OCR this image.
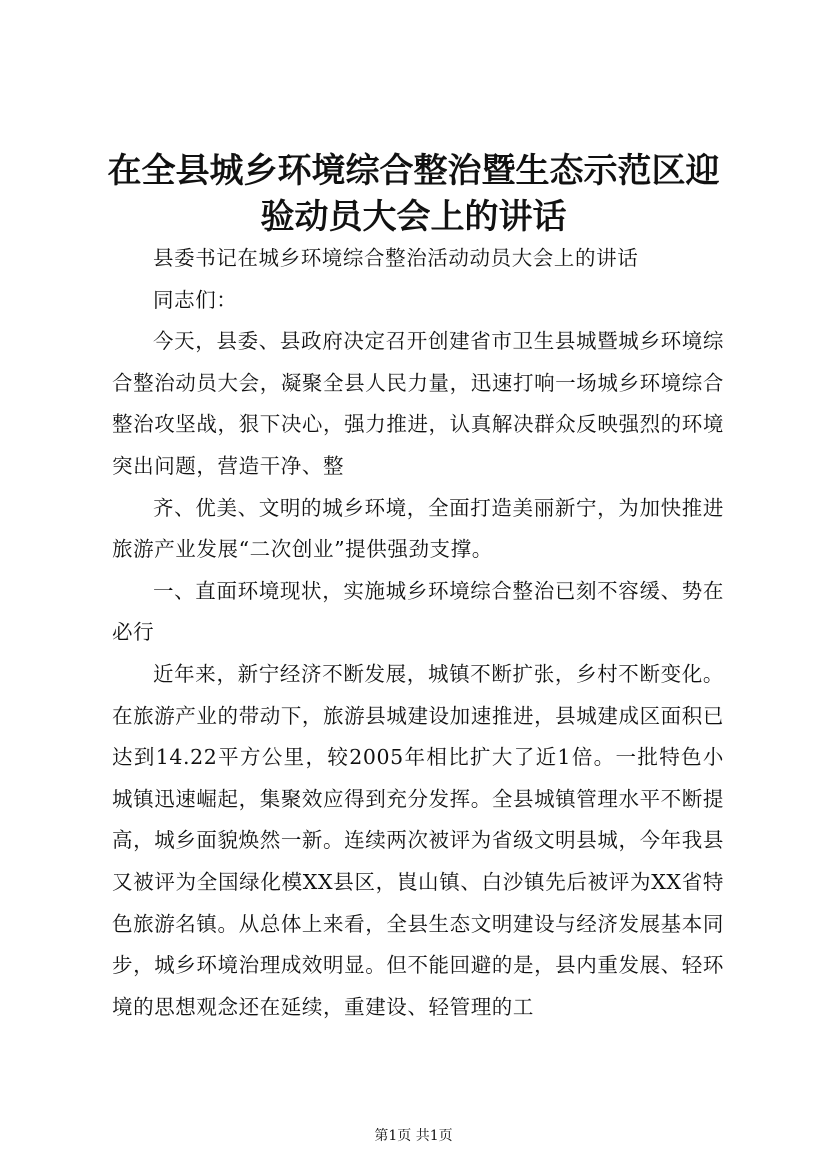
在全县城乡环境综合整治暨生态示范区迎验动员大会上的讲话

县委书记在城乡环境综合整治活动动员大会上的讲话

同志们：

今天，县委、县政府决定召开创建省市卫生县城暨城乡环境综合整治动员大会，凝聚全县人民力量，迅速打响一场城乡环境综合整治攻坚战，狠下决心，强力推进，认真解决群众反映强烈的环境突出问题，营造干净、整

齐、优美、文明的城乡环境，全面打造美丽新宁，为加快推进旅游产业发展“二次创业”提供强劲支撑。

一、直面环境现状，实施城乡环境综合整治已刻不容缓、势在必行

近年来，新宁经济不断发展，城镇不断扩张，乡村不断变化。在旅游产业的带动下，旅游县城建设加速推进，县城建成区面积已达到14.22平方公里，较2005年相比扩大了近1倍。一批特色小城镇迅速崛起，集聚效应得到充分发挥。全县城镇管理水平不断提高，城乡面貌焕然一新。连续两次被评为省级文明县城，今年我县又被评为全国绿化模XX县区，崀山镇、白沙镇先后被评为XX省特色旅游名镇。从总体上来看，全县生态文明建设与经济发展基本同步，城乡环境治理成效明显。但不能回避的是，县内重发展、轻环境的思想观念还在延续，重建设、轻管理的工

第1页 共1页
